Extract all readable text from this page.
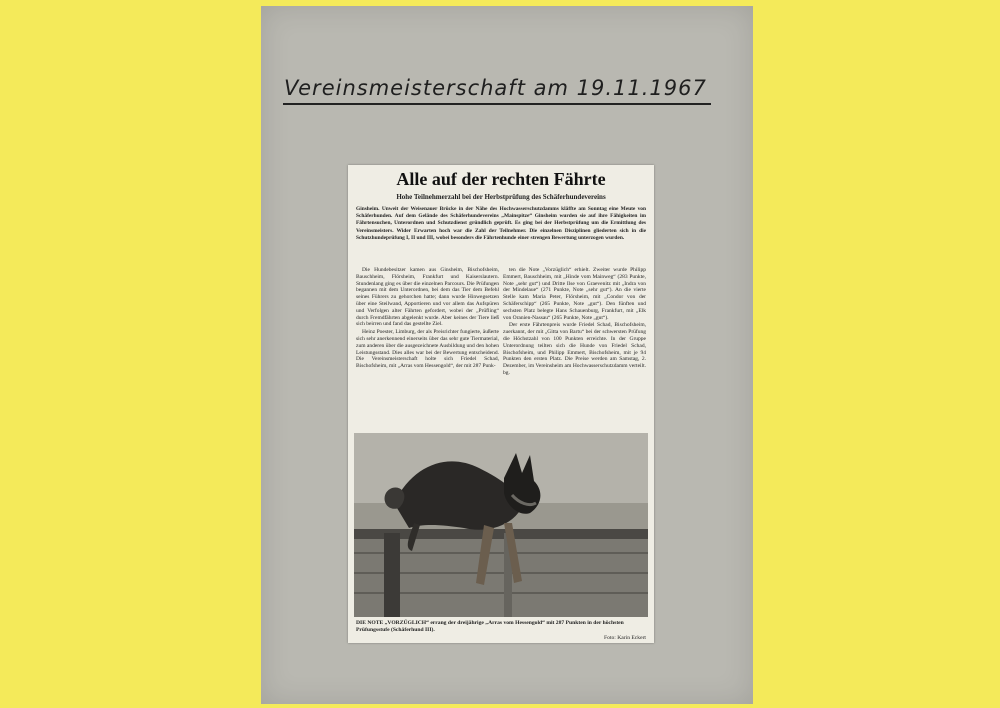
Vereinsmeisterschaft am 19.11.1967
Alle auf der rechten Fährte
Hohe Teilnehmerzahl bei der Herbstprüfung des Schäferhundevereins
Ginsheim. Unweit der Weisenauer Brücke in der Nähe des Hochwasserschutzdamms kläffte am Sonntag eine Meute von Schäferhunden. Auf dem Gelände des Schäferhundevereins „Mainspitze“ Ginsheim wurden sie auf ihre Fähigkeiten im Fährtensuchen, Unterordnen und Schutzdienst gründlich geprüft. Es ging bei der Herbstprüfung um die Ermittlung des Vereinsmeisters. Wider Erwarten hoch war die Zahl der Teilnehmer. Die einzelnen Disziplinen gliederten sich in die Schutzhundeprüfung I, II und III, wobei besonders die Fährtenhunde einer strengen Bewertung unterzogen wurden.

Die Hundebesitzer kamen aus Ginsheim, Bischofsheim, Bauschheim, Flörsheim, Frankfurt und Kaiserslautern. Stundenlang ging es über die einzelnen Parcours. Die Prüfungen begannen mit dem Unterordnen, bei dem das Tier dem Befehl seines Führers zu gehorchen hatte; dann wurde Hinwegsetzen über eine Steilwand, Apportieren und vor allem das Aufspüren und Verfolgen alter Fährten gefordert, wobei der „Prüfling“ durch Fremdfährten abgelenkt wurde. Aber keines der Tiere ließ sich beirren und fand das gestellte Ziel.

Heinz Poester, Limburg, der als Preisrichter fungierte, äußerte sich sehr anerkennend einerseits über das sehr gute Tiermaterial, zum anderen über die ausgezeichnete Ausbildung und den hohen Leistungsstand. Dies alles war bei der Bewertung entscheidend. Die Vereinsmeisterschaft holte sich Friedel Schad, Bischofsheim, mit „Arras vom Hessengold“, der mit 287 Punk-

ten die Note „Vorzüglich“ erhielt. Zweiter wurde Philipp Emmert, Bauschheim, mit „Hinde vom Mainweg“ (283 Punkte, Note „sehr gut“) und Dritte Ilse von Graevenitz mit „Indra von der Mindelaue“ (271 Punkte, Note „sehr gut“). An die vierte Stelle kam Maria Peter, Flörsheim, mit „Condor von der Schäferschipp“ (265 Punkte, Note „gut“). Den fünften und sechsten Platz belegte Hans Schauenburg, Frankfurt, mit „Elk von Oranien-Nassau“ (265 Punkte, Note „gut“).

Der erste Fährtenpreis wurde Friedel Schad, Bischofsheim, zuerkannt, der mit „Gitta von Bartu“ bei der schwersten Prüfung die Höchstzahl von 100 Punkten erreichte. In der Gruppe Unterordnung teilten sich die Hunde von Friedel Schad, Bischofsheim, und Philipp Emmert, Bischofsheim, mit je 94 Punkten den ersten Platz. Die Preise werden am Samstag, 2. Dezember, im Vereinsheim am Hochwasserschutzdamm verteilt. bg.

DIE NOTE „VORZÜGLICH“ errang der dreijährige „Arras vom Hessengold“ mit 287 Punkten in der höchsten Prüfungsstufe (Schäferhund III).
Foto: Karin Eckert
